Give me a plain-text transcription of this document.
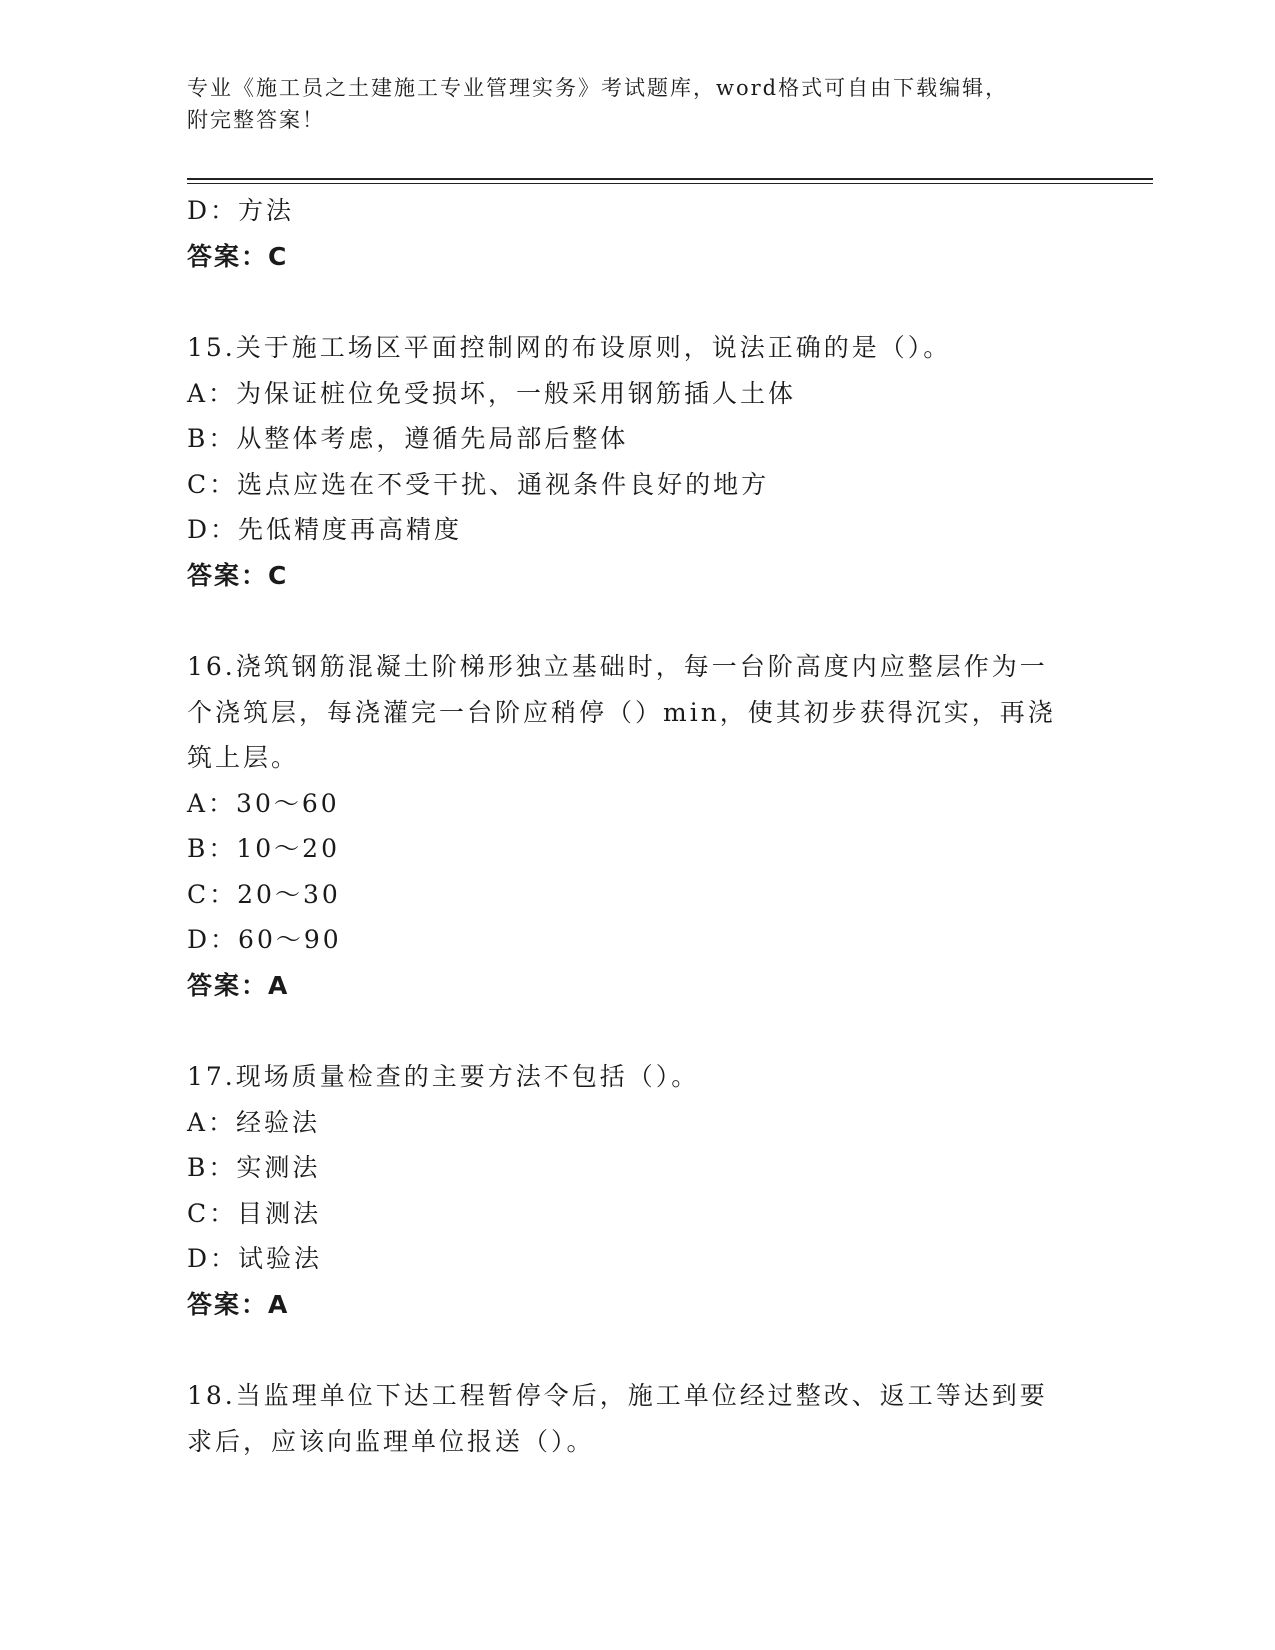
专业《施工员之土建施工专业管理实务》考试题库，word格式可自由下载编辑，
附完整答案！
D：方法
答案：C
15.关于施工场区平面控制网的布设原则，说法正确的是（）。
A：为保证桩位免受损坏，一般采用钢筋插人土体
B：从整体考虑，遵循先局部后整体
C：选点应选在不受干扰、通视条件良好的地方
D：先低精度再高精度
答案：C
16.浇筑钢筋混凝土阶梯形独立基础时，每一台阶高度内应整层作为一
个浇筑层，每浇灌完一台阶应稍停（）min，使其初步获得沉实，再浇
筑上层。
A：30～60
B：10～20
C：20～30
D：60～90
答案：A
17.现场质量检查的主要方法不包括（）。
A：经验法
B：实测法
C：目测法
D：试验法
答案：A
18.当监理单位下达工程暂停令后，施工单位经过整改、返工等达到要
求后，应该向监理单位报送（）。
